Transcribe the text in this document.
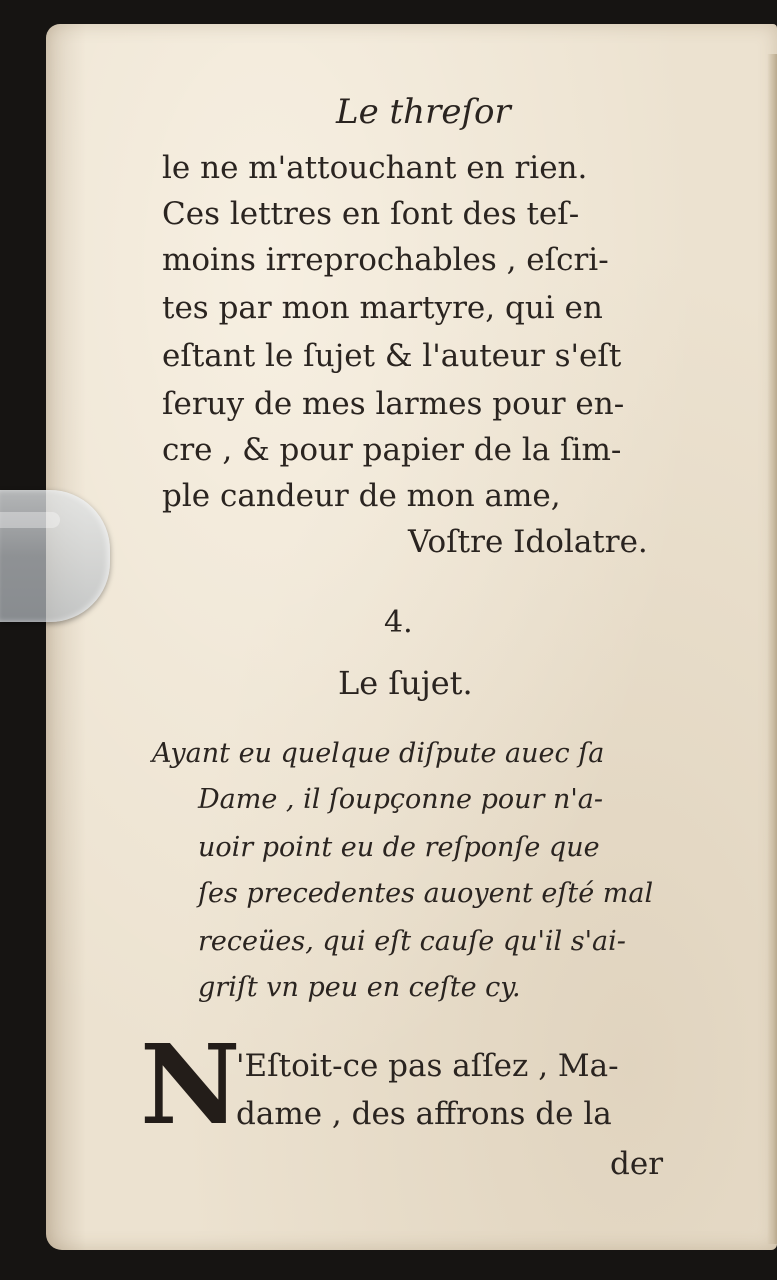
Le threſor

le ne m'attouchant en rien.

Ces lettres en ſont des teſ-

moins irreprochables , eſcri-

tes par mon martyre, qui en

eſtant le ſujet & l'auteur s'eſt

ſeruy de mes larmes pour en-

cre , & pour papier de la ſim-

ple candeur de mon ame,

Voſtre Idolatre.

4.

Le ſujet.

Ayant eu quelque diſpute auec ſa

Dame , il ſoupçonne pour n'a-

uoir point eu de reſponſe que

ſes precedentes auoyent eſté mal

receües, qui eſt cauſe qu'il s'ai-

griſt vn peu en ceſte cy.

N

'Eſtoit-ce pas aſſez , Ma-

dame , des affrons de la

der
